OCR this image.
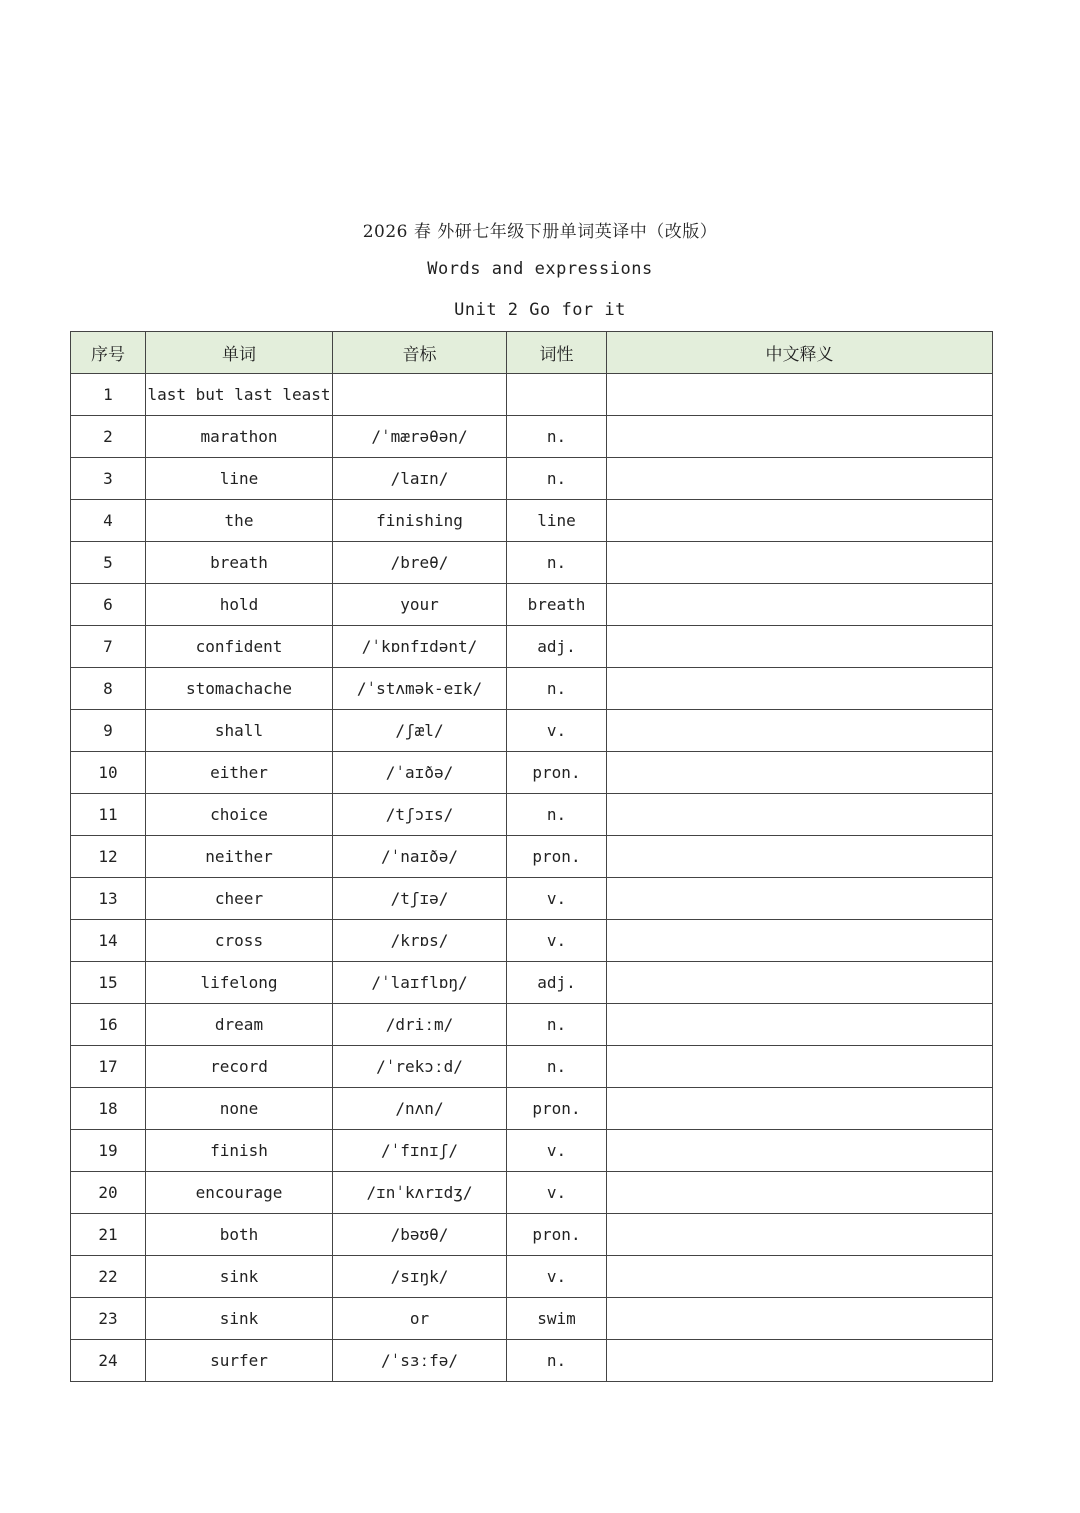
2026 春 外研七年级下册单词英译中（改版）
Words and expressions
Unit 2 Go for it
序号	单词	音标	词性	中文释义
1	last but last least			
2	marathon	/ˈmærəθən/	n.	
3	line	/laɪn/	n.	
4	the	finishing	line	
5	breath	/breθ/	n.	
6	hold	your	breath	
7	confident	/ˈkɒnfɪdənt/	adj.	
8	stomachache	/ˈstʌmək-eɪk/	n.	
9	shall	/ʃæl/	v.	
10	either	/ˈaɪðə/	pron.	
11	choice	/tʃɔɪs/	n.	
12	neither	/ˈnaɪðə/	pron.	
13	cheer	/tʃɪə/	v.	
14	cross	/krɒs/	v.	
15	lifelong	/ˈlaɪflɒŋ/	adj.	
16	dream	/driːm/	n.	
17	record	/ˈrekɔːd/	n.	
18	none	/nʌn/	pron.	
19	finish	/ˈfɪnɪʃ/	v.	
20	encourage	/ɪnˈkʌrɪdʒ/	v.	
21	both	/bəʊθ/	pron.	
22	sink	/sɪŋk/	v.	
23	sink	or	swim	
24	surfer	/ˈsɜːfə/	n.	
